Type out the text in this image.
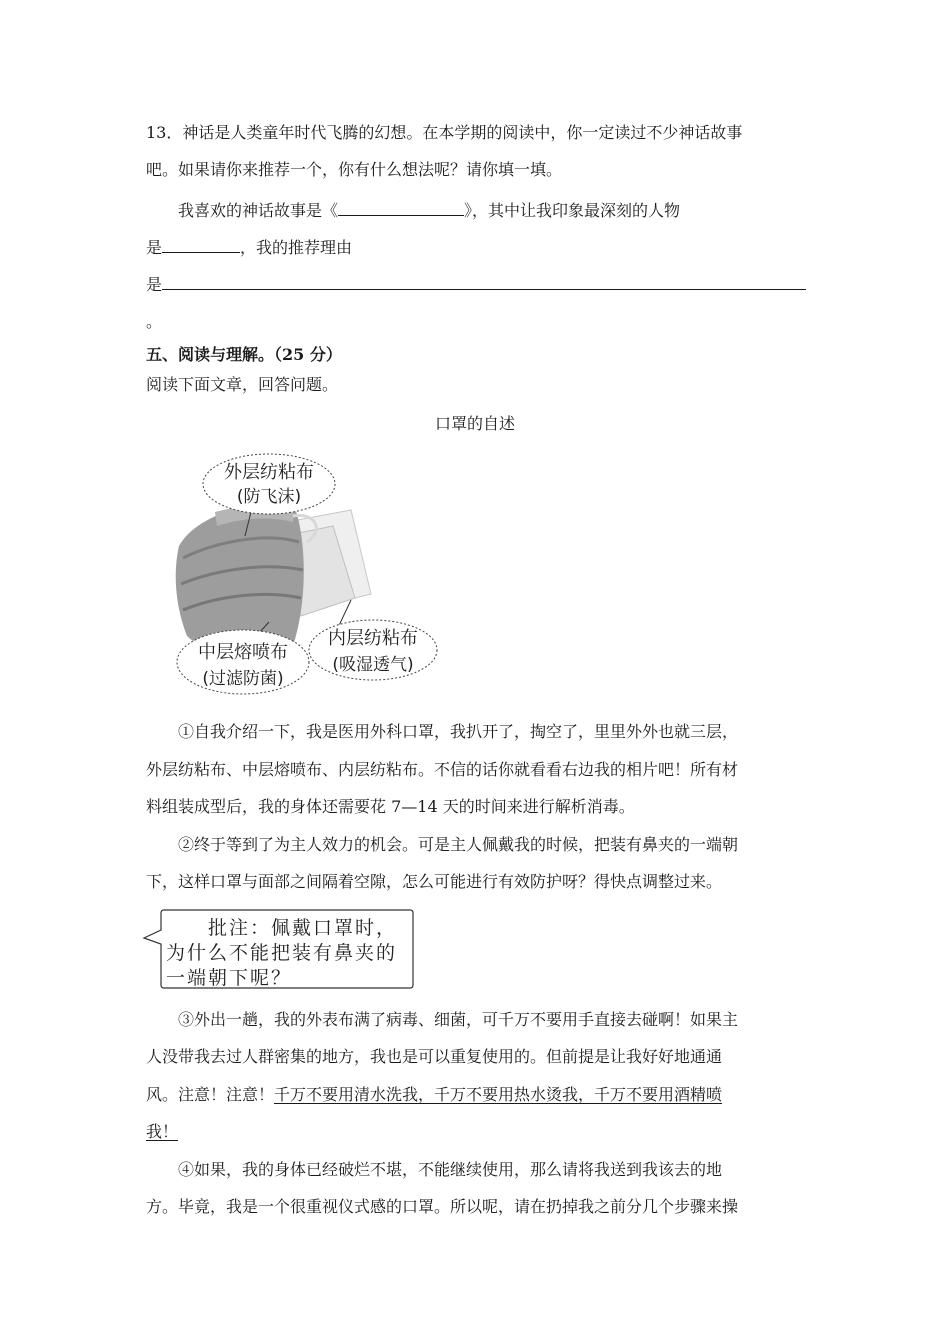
13．神话是人类童年时代飞腾的幻想。在本学期的阅读中，你一定读过不少神话故事
吧。如果请你来推荐一个，你有什么想法呢？请你填一填。
我喜欢的神话故事是《	》，其中让我印象最深刻的人物
是	，我的推荐理由
是
。
五、阅读与理解。（25 分）
阅读下面文章，回答问题。
口罩的自述
外层纺粘布
(防飞沫)
中层熔喷布
(过滤防菌)
内层纺粘布
(吸湿透气)
①自我介绍一下，我是医用外科口罩，我扒开了，掏空了，里里外外也就三层，
外层纺粘布、中层熔喷布、内层纺粘布。不信的话你就看看右边我的相片吧！所有材
料组装成型后，我的身体还需要花 7—14 天的时间来进行解析消毒。
②终于等到了为主人效力的机会。可是主人佩戴我的时候，把装有鼻夹的一端朝
下，这样口罩与面部之间隔着空隙，怎么可能进行有效防护呀？得快点调整过来。
批注：佩戴口罩时，
为什么不能把装有鼻夹的
一端朝下呢？
③外出一趟，我的外表布满了病毒、细菌，可千万不要用手直接去碰啊！如果主
人没带我去过人群密集的地方，我也是可以重复使用的。但前提是让我好好地通通
风。注意！注意！千万不要用清水洗我，千万不要用热水烫我，千万不要用酒精喷
我！
④如果，我的身体已经破烂不堪，不能继续使用，那么请将我送到我该去的地
方。毕竟，我是一个很重视仪式感的口罩。所以呢，请在扔掉我之前分几个步骤来操
